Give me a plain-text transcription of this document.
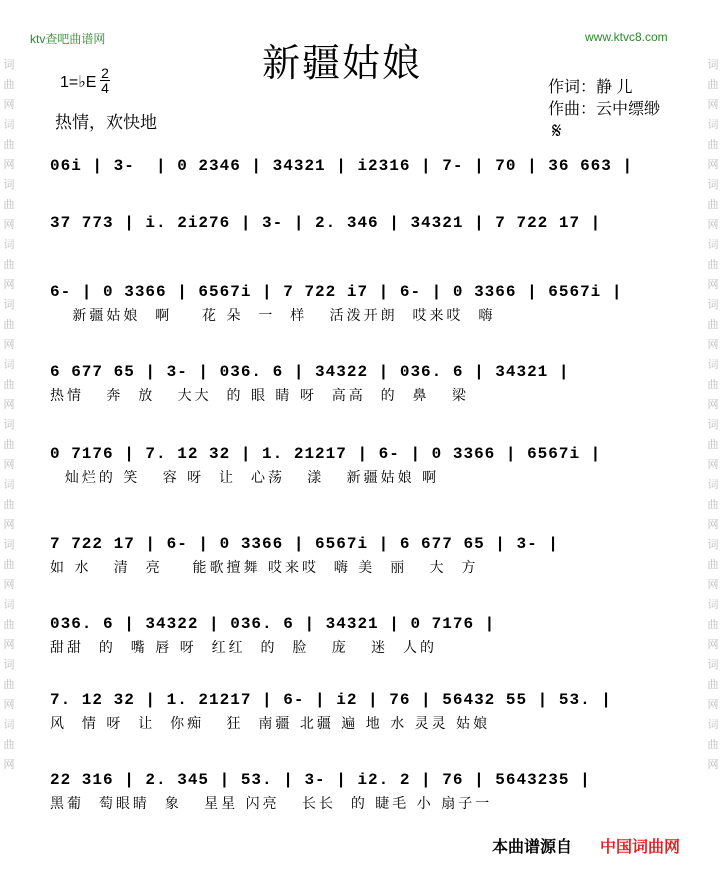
词曲网词曲网词曲网词曲网词曲网词曲网词曲网词曲网词曲网词曲网词曲网词曲网
词曲网词曲网词曲网词曲网词曲网词曲网词曲网词曲网词曲网词曲网词曲网词曲网
ktv查吧曲谱网	www.ktvc8.com
新疆姑娘
1=♭E
2
4
热情，欢快地
作词：静 儿
作曲：云中缥缈
𝄋
06i | 3-  | 0 2346 | 34321 | i2316 | 7- | 70 | 36 663 |
37 773 | i. 2i276 | 3- | 2. 346 | 34321 | 7 722 17 |
6- | 0 3366 | 6567i | 7 722 i7 | 6- | 0 3366 | 6567i |
新疆姑娘  啊    花 朵  一  样   活泼开朗  哎来哎  嗨
6 677 65 | 3- | 036. 6 | 34322 | 036. 6 | 34321 |
热情   奔  放   大大  的 眼 睛 呀  高高  的  鼻   梁
0 7176 | 7. 12 32 | 1. 21217 | 6- | 0 3366 | 6567i |
灿烂的 笑   容 呀  让  心荡   漾   新疆姑娘 啊
7 722 17 | 6- | 0 3366 | 6567i | 6 677 65 | 3- |
如 水   清  亮    能歌擅舞 哎来哎  嗨 美  丽   大  方
036. 6 | 34322 | 036. 6 | 34321 | 0 7176 |
甜甜  的  嘴 唇 呀  红红  的  脸   庞   迷  人的
7. 12 32 | 1. 21217 | 6- | i2 | 76 | 56432 55 | 53. |
风  情 呀  让  你痴   狂  南疆 北疆 遍 地 水 灵灵 姑娘
22 316 | 2. 345 | 53. | 3- | i2. 2 | 76 | 5643235 |
黑葡  萄眼睛  象   星星 闪亮   长长  的 睫毛 小 扇子一
本曲谱源自 中国词曲网
